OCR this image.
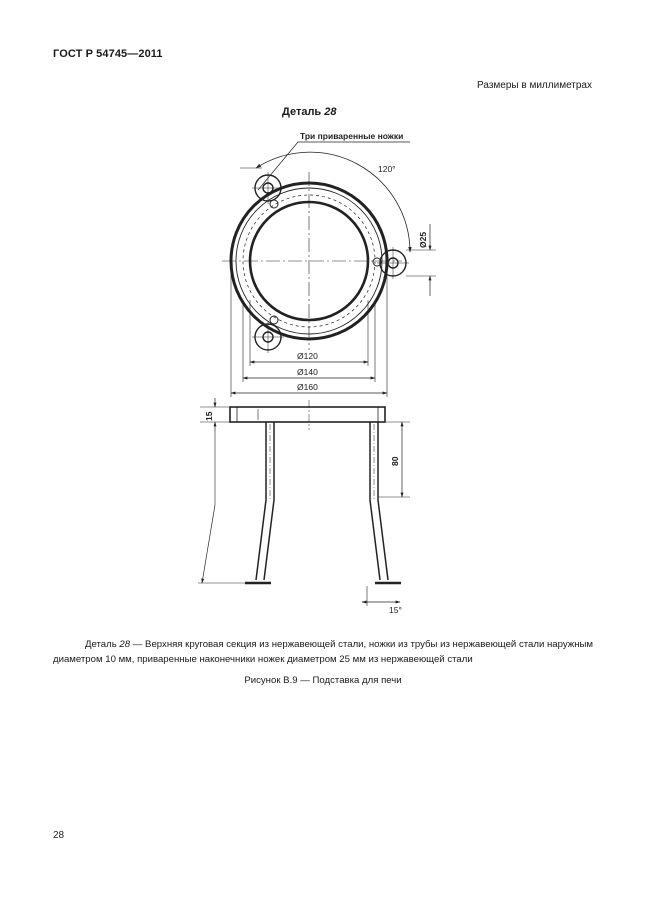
ГОСТ Р 54745—2011
Размеры в миллиметрах
Деталь 28
Три приваренные ножки
120°
Ø25
Ø120
Ø140
Ø160
15
80
15°
Деталь 28 — Верхняя круговая секция из нержавеющей стали, ножки из трубы из нержавеющей стали наружным диаметром 10 мм, приваренные наконечники ножек диаметром 25 мм из нержавеющей стали
Рисунок В.9 — Подставка для печи
28
